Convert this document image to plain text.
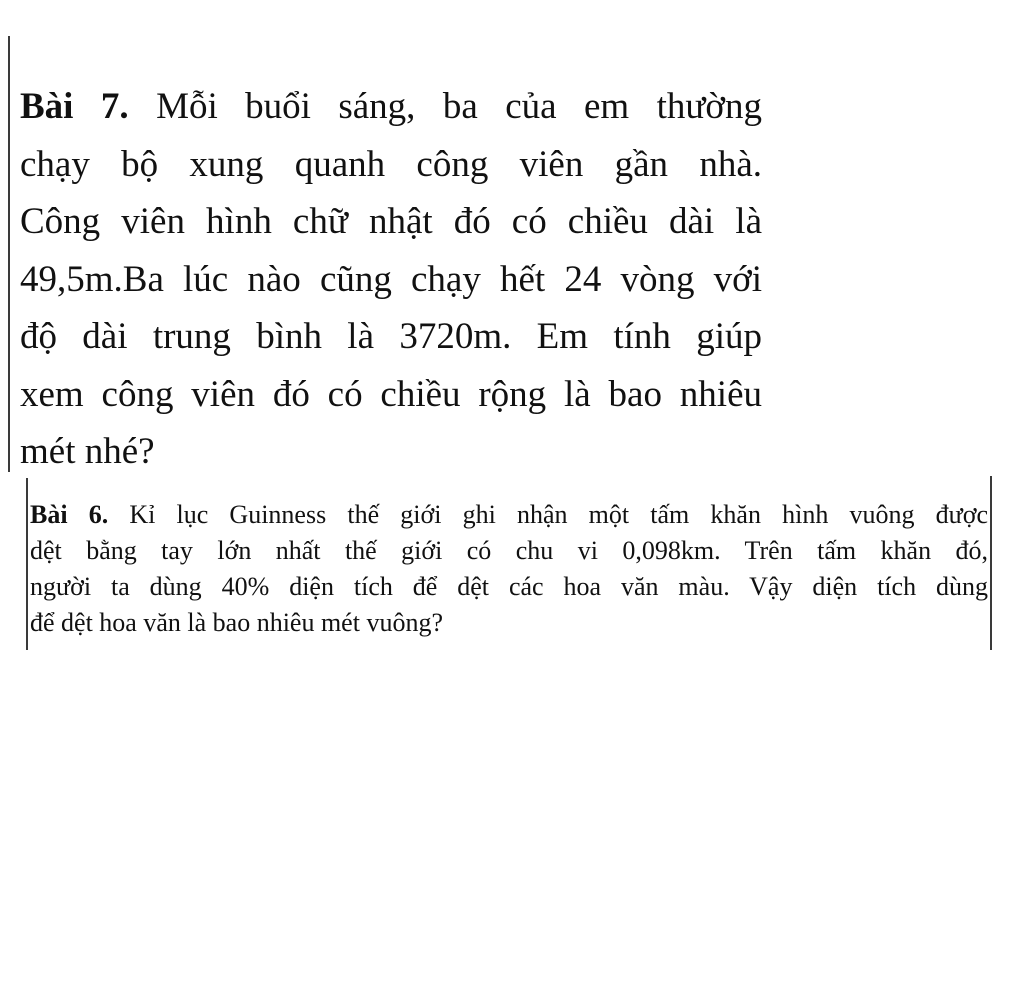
Bài 7. Mỗi buổi sáng, ba của em thường
chạy bộ xung quanh công viên gần nhà.
Công viên hình chữ nhật đó có chiều dài là
49,5m.Ba lúc nào cũng chạy hết 24 vòng với
độ dài trung bình là 3720m. Em tính giúp
xem công viên đó có chiều rộng là bao nhiêu
mét nhé?
Bài 6. Kỉ lục Guinness thế giới ghi nhận một tấm khăn hình vuông được
dệt bằng tay lớn nhất thế giới có chu vi 0,098km. Trên tấm khăn đó,
người ta dùng 40% diện tích để dệt các hoa văn màu. Vậy diện tích dùng
để dệt hoa văn là bao nhiêu mét vuông?
